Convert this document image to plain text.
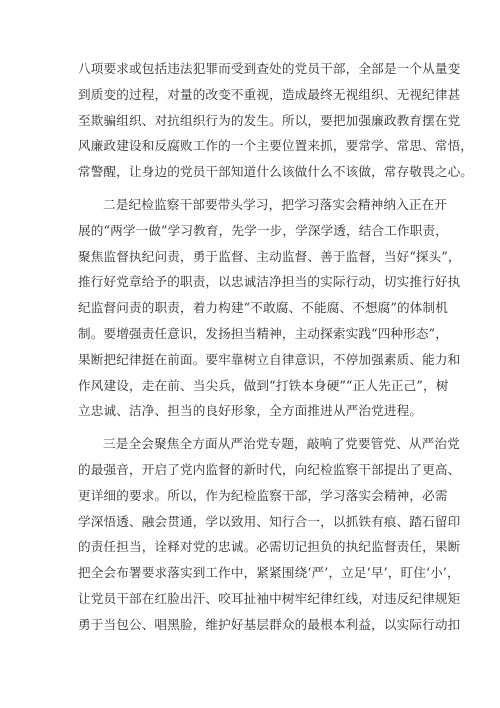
八项要求或包括违法犯罪而受到查处的党员干部，全部是一个从量变
到质变的过程，对量的改变不重视，造成最终无视组织、无视纪律甚
至欺骗组织、对抗组织行为的发生。所以，要把加强廉政教育摆在党
风廉政建设和反腐败工作的一个主要位置来抓，要常学、常思、常悟，
常警醒，让身边的党员干部知道什么该做什么不该做，常存敬畏之心。
二是纪检监察干部要带头学习，把学习落实会精神纳入正在开
展的“两学一做”学习教育，先学一步，学深学透，结合工作职责，
聚焦监督执纪问责，勇于监督、主动监督、善于监督，当好“探头”，
推行好党章给予的职责，以忠诚洁净担当的实际行动，切实推行好执
纪监督问责的职责，着力构建“不敢腐、不能腐、不想腐”的体制机
制。要增强责任意识，发扬担当精神，主动探索实践“四种形态”，
果断把纪律挺在前面。要牢靠树立自律意识，不停加强素质、能力和
作风建设，走在前、当尖兵，做到“打铁本身硬”“正人先正己”，树
立忠诚、洁净、担当的良好形象，全方面推进从严治党进程。
三是全会聚焦全方面从严治党专题，敲响了党要管党、从严治党
的最强音，开启了党内监督的新时代，向纪检监察干部提出了更高、
更详细的要求。所以，作为纪检监察干部，学习落实会精神，必需
学深悟透、融会贯通，学以致用、知行合一，以抓铁有痕、踏石留印
的责任担当，诠释对党的忠诚。必需切记担负的执纪监督责任，果断
把全会布署要求落实到工作中，紧紧围绕‘严’，立足‘早’，盯住‘小’，
让党员干部在红脸出汗、咬耳扯袖中树牢纪律红线，对违反纪律规矩
勇于当包公、唱黑脸，维护好基层群众的最根本利益，以实际行动扣
